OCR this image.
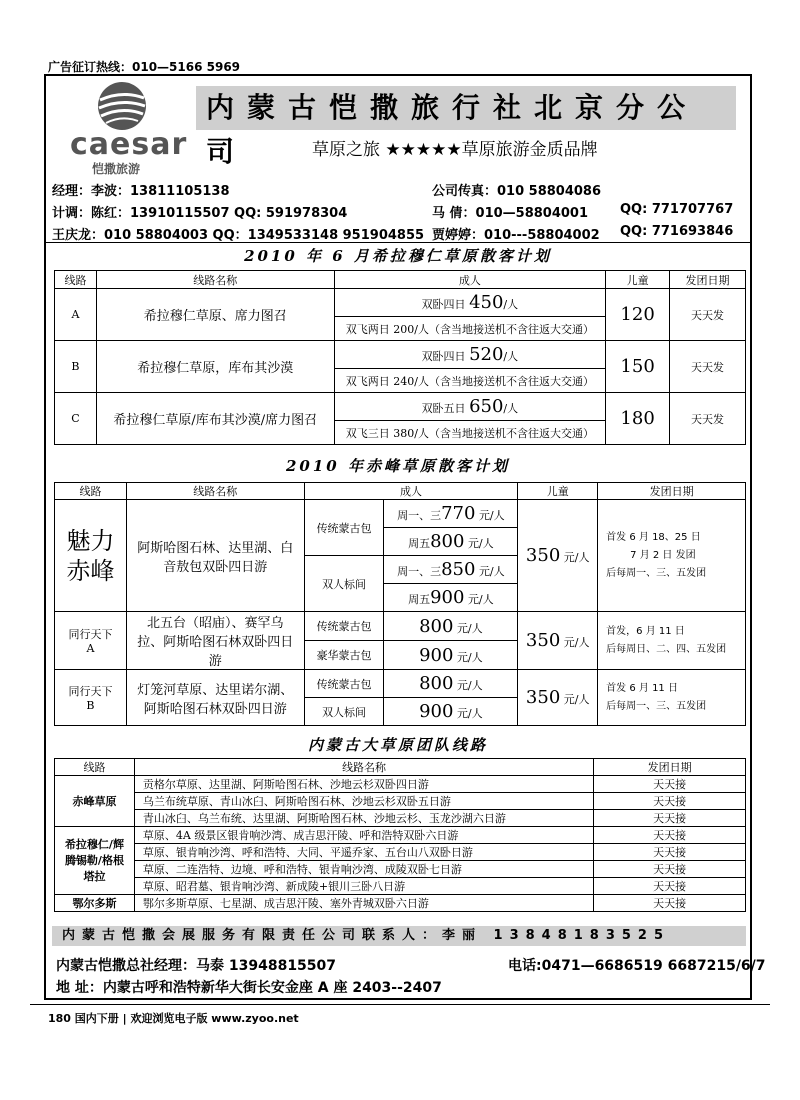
广告征订热线：010—5166 5969
caesar
恺撒旅游
内蒙古恺撒旅行社北京分公司	草原之旅 ★★★★★草原旅游金质品牌
经理：李波：13811105138	公司传真：010 58804086
计调：陈红：13910115507 QQ: 591978304	马 倩：010—58804001 QQ: 771707767
王庆龙：010 58804003 QQ：1349533148 951904855 贾婷婷：010---58804002 QQ: 771693846
2010 年 6 月希拉穆仁草原散客计划
线路	线路名称	成人	儿童	发团日期
A	希拉穆仁草原、席力图召	双卧四日 450/人	120	天天发
		双飞两日 200/人（含当地接送机不含往返大交通）		
B	希拉穆仁草原，库布其沙漠	双卧四日 520/人	150	天天发
		双飞两日 240/人（含当地接送机不含往返大交通）		
C	希拉穆仁草原/库布其沙漠/席力图召	双卧五日 650/人	180	天天发
		双飞三日 380/人（含当地接送机不含往返大交通）		
2010 年赤峰草原散客计划
线路	线路名称	成人		儿童	发团日期
魅力赤峰	阿斯哈图石林、达里湖、白音敖包双卧四日游	传统蒙古包	周一、三770 元/人	350 元/人	首发 6 月 18、25 日
7 月 2 日 发团
后每周一、三、五发团

			周五800 元/人		
		双人标间	周一、三850 元/人		
			周五900 元/人		
同行天下 A	北五台（昭庙）、赛罕乌拉、阿斯哈图石林双卧四日游	传统蒙古包	800 元/人	350 元/人	首发，6 月 11 日
后每周日、二、四、五发团

		豪华蒙古包	900 元/人		
同行天下 B	灯笼河草原、达里诺尔湖、阿斯哈图石林双卧四日游	传统蒙古包	800 元/人	350 元/人	首发 6 月 11 日
后每周一、三、五发团

		双人标间	900 元/人		
内蒙古大草原团队线路
线路	线路名称	发团日期
赤峰草原	贡格尔草原、达里湖、阿斯哈图石林、沙地云杉双卧四日游	天天接
	乌兰布统草原、青山冰臼、阿斯哈图石林、沙地云杉双卧五日游	天天接
	青山冰臼、乌兰布统、达里湖、阿斯哈图石林、沙地云杉、玉龙沙湖六日游	天天接
希拉穆仁/辉腾锡勒/格根塔拉	草原、4A 级景区银肯响沙湾、成吉思汗陵、呼和浩特双卧六日游	天天接
	草原、银肯响沙湾、呼和浩特、大同、平遥乔家、五台山八双卧日游	天天接
	草原、二连浩特、边境、呼和浩特、银肯响沙湾、成陵双卧七日游	天天接
	草原、昭君墓、银肯响沙湾、新成陵+银川三卧八日游	天天接
鄂尔多斯	鄂尔多斯草原、七星湖、成吉思汗陵、塞外青城双卧六日游	天天接
内蒙古恺撒会展服务有限责任公司联系人：李丽 13848183525
内蒙古恺撒总社经理：马泰 13948815507	电话:0471—6686519 6687215/6/7
地 址：内蒙古呼和浩特新华大街长安金座 A 座 2403--2407
180 国内下册 | 欢迎浏览电子版 www.zyoo.net
